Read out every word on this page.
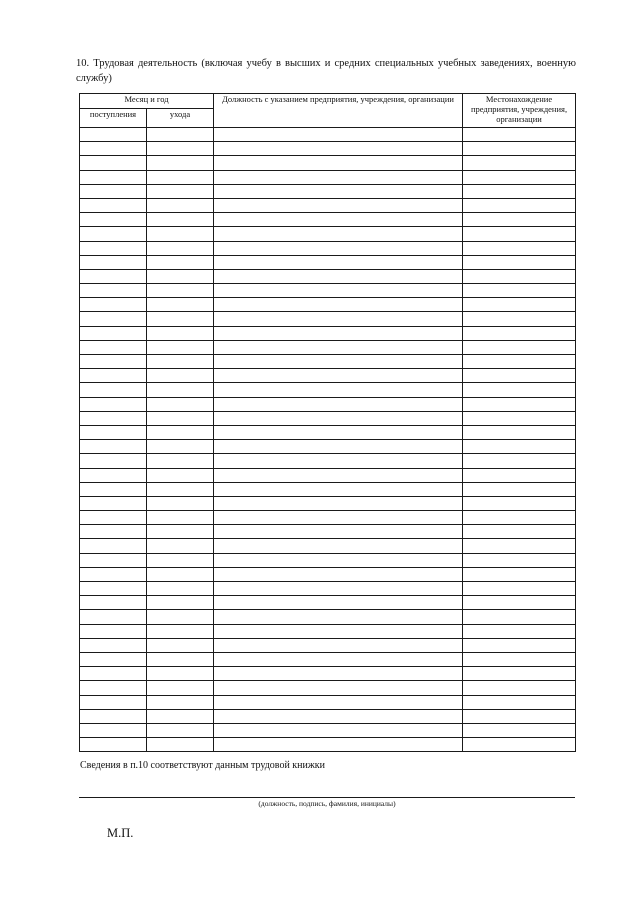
10. Трудовая деятельность (включая учебу в высших и средних специальных учебных заведениях, военную службу)
Месяц и год		Должность с указанием предприятия, учреждения, организации	Местонахождение предприятия, учреждения, организации
поступления	ухода		

Сведения в п.10 соответствуют данным трудовой книжки
(должность, подпись, фамилия, инициалы)
М.П.
